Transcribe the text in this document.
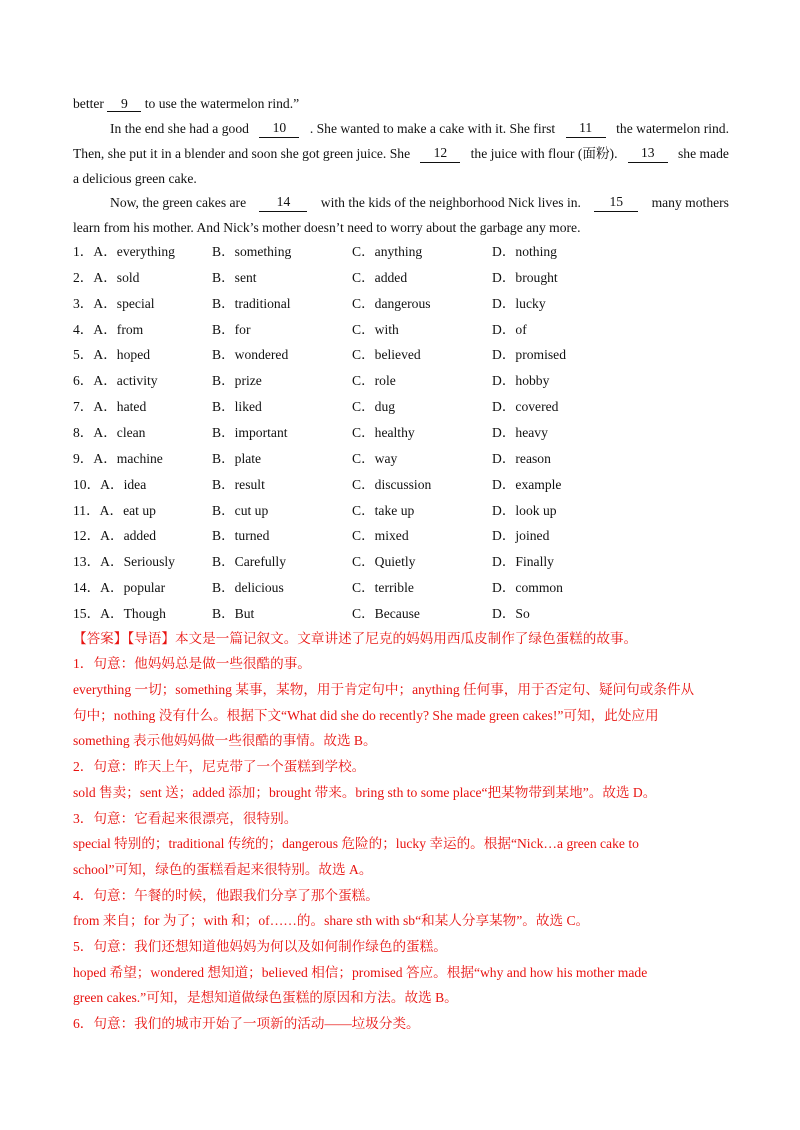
better 9 to use the watermelon rind.”
In the end she had a good	10	. She wanted to make a cake with it. She first	11	the watermelon rind.
Then, she put it in a blender and soon she got green juice. She	12	the juice with flour (面粉).	13	she made
a delicious green cake.
Now, the green cakes are	14	with the kids of the neighborhood Nick lives in.	15	many mothers
learn from his mother. And Nick’s mother doesn’t need to worry about the garbage any more.
1．A．everything	B．something	C．anything	D．nothing
2．A．sold	B．sent	C．added	D．brought
3．A．special	B．traditional	C．dangerous	D．lucky
4．A．from	B．for	C．with	D．of
5．A．hoped	B．wondered	C．believed	D．promised
6．A．activity	B．prize	C．role	D．hobby
7．A．hated	B．liked	C．dug	D．covered
8．A．clean	B．important	C．healthy	D．heavy
9．A．machine	B．plate	C．way	D．reason
10．A．idea	B．result	C．discussion	D．example
11．A．eat up	B．cut up	C．take up	D．look up
12．A．added	B．turned	C．mixed	D．joined
13．A．Seriously	B．Carefully	C．Quietly	D．Finally
14．A．popular	B．delicious	C．terrible	D．common
15．A．Though	B．But	C．Because	D．So
【答案】【导语】本文是一篇记叙文。文章讲述了尼克的妈妈用西瓜皮制作了绿色蛋糕的故事。
1．句意：他妈妈总是做一些很酷的事。
everything 一切；something 某事，某物，用于肯定句中；anything 任何事，用于否定句、疑问句或条件从
句中；nothing 没有什么。根据下文“What did she do recently? She made green cakes!”可知，此处应用
something 表示他妈妈做一些很酷的事情。故选 B。
2．句意：昨天上午，尼克带了一个蛋糕到学校。
sold 售卖；sent 送；added 添加；brought 带来。bring sth to some place“把某物带到某地”。故选 D。
3．句意：它看起来很漂亮，很特别。
special 特别的；traditional 传统的；dangerous 危险的；lucky 幸运的。根据“Nick…a green cake to
school”可知，绿色的蛋糕看起来很特别。故选 A。
4．句意：午餐的时候，他跟我们分享了那个蛋糕。
from 来自；for 为了；with 和；of……的。share sth with sb“和某人分享某物”。故选 C。
5．句意：我们还想知道他妈妈为何以及如何制作绿色的蛋糕。
hoped 希望；wondered 想知道；believed 相信；promised 答应。根据“why and how his mother made
green cakes.”可知，是想知道做绿色蛋糕的原因和方法。故选 B。
6．句意：我们的城市开始了一项新的活动——垃圾分类。
